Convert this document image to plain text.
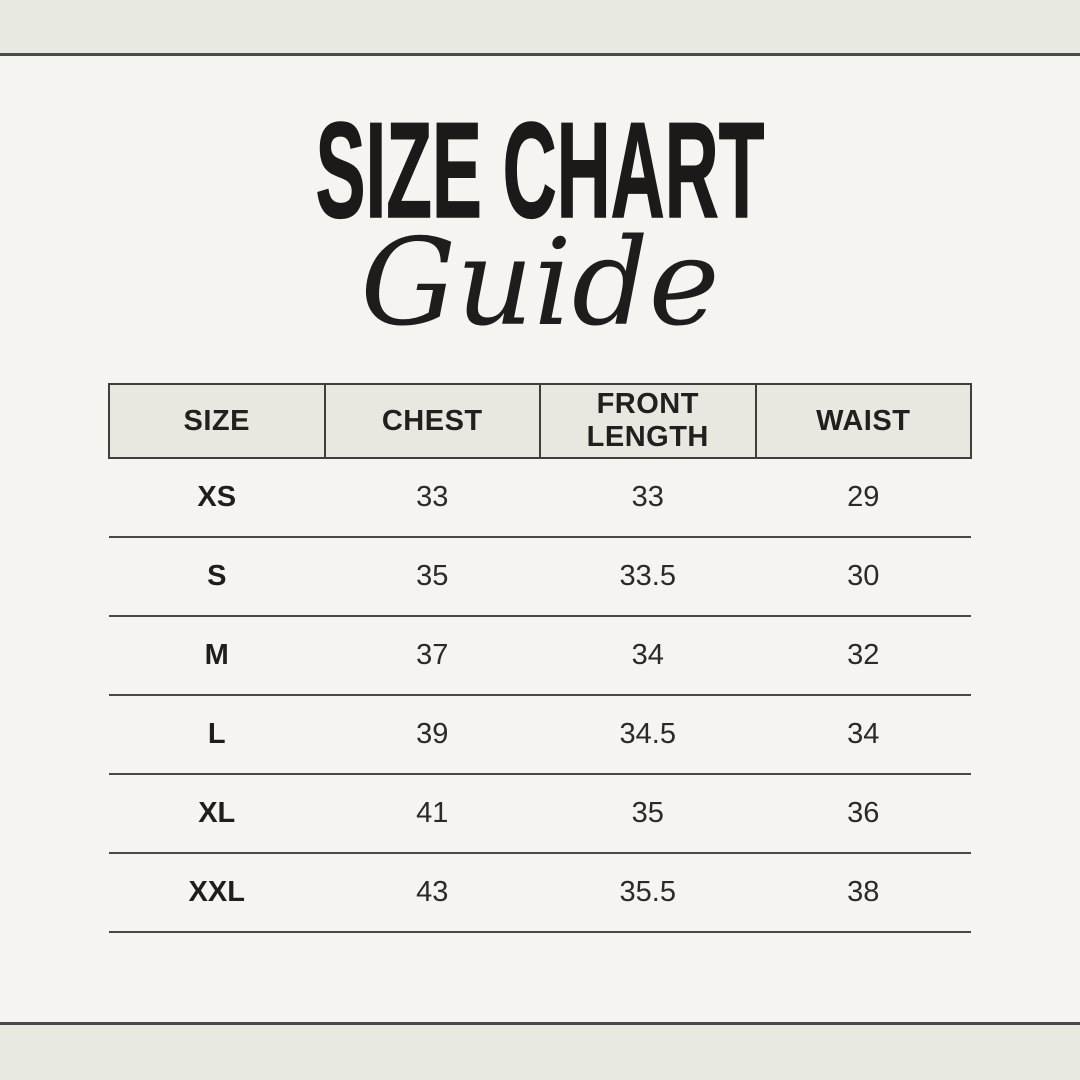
SIZE CHART
Guide
SIZE	CHEST	FRONT LENGTH	WAIST
XS	33	33	29
S	35	33.5	30
M	37	34	32
L	39	34.5	34
XL	41	35	36
XXL	43	35.5	38
